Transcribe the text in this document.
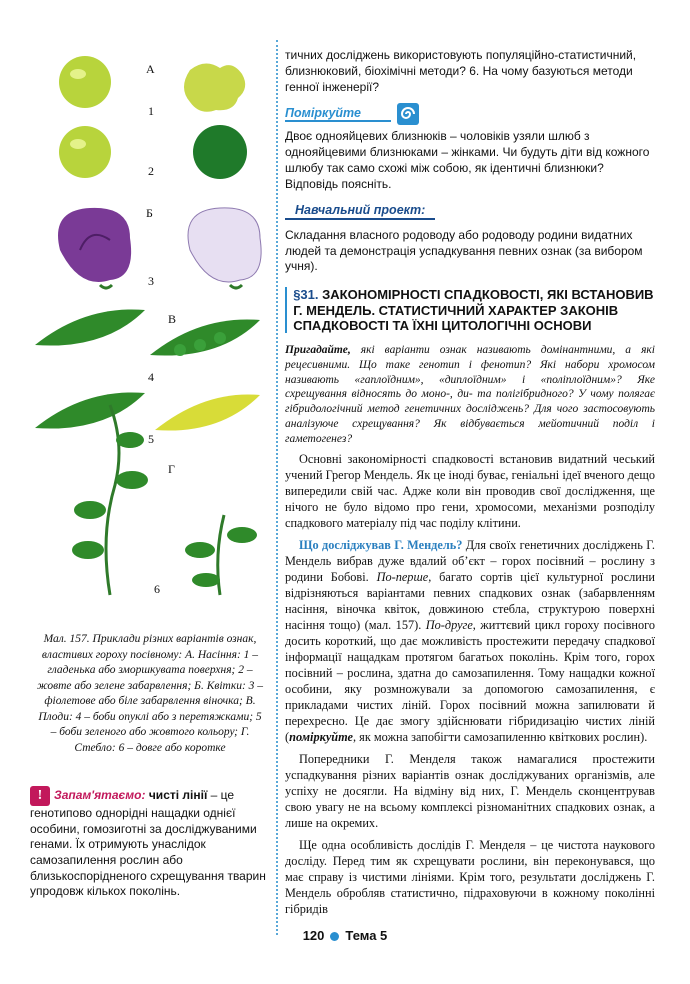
А
1
2
Б
3
В
4
5
Г
6
Мал. 157. Приклади різних варіантів ознак, властивих гороху посівному: А. Насіння: 1 – гладенька або зморшкувата поверхня; 2 – жовте або зелене забарвлення; Б. Квітки: 3 – фіолетове або біле забарвлення віночка; В. Плоди: 4 – боби опуклі або з перетяжками; 5 – боби зеленого або жовтого кольору; Г. Стебло: 6 – довге або коротке
! Запам'ятаємо: чисті лінії – це генотипово однорідні нащадки однієї особини, гомозиготні за досліджуваними генами. Їх отримують унаслідок самозапилення рослин або близькоспорідненого схрещування тварин упродовж кількох поколінь.
тичних досліджень використовують популяційно-статистичний, близнюковий, біохімічні методи? 6. На чому базуються методи генної інженерії?
Поміркуйте
Двоє однояйцевих близнюків – чоловіків узяли шлюб з однояйцевими близнюками – жінками. Чи будуть діти від кожного шлюбу так само схожі між собою, як ідентичні близнюки? Відповідь поясніть.
Навчальний проект:
Складання власного родоводу або родоводу родини видатних людей та демонстрація успадкування певних ознак (за вибором учня).
§31. ЗАКОНОМІРНОСТІ СПАДКОВОСТІ, ЯКІ ВСТАНОВИВ Г. МЕНДЕЛЬ. СТАТИСТИЧНИЙ ХАРАКТЕР ЗАКОНІВ СПАДКОВОСТІ ТА ЇХНІ ЦИТОЛОГІЧНІ ОСНОВИ
Пригадайте, які варіанти ознак називають домінантними, а які рецесивними. Що таке генотип і фенотип? Які набори хромосом називають «гаплоїдним», «диплоїдним» і «поліплоїдним»? Яке схрещування відносять до моно-, ди- та полігібридного? У чому полягає гібридологічний метод генетичних досліджень? Для чого застосовують аналізуюче схрещування? Як відбувається мейотичний поділ і гаметогенез?

Основні закономірності спадковості встановив видатний чеський учений Грегор Мендель. Як це іноді буває, геніальні ідеї вченого дещо випередили свій час. Адже коли він проводив свої дослідження, ще нічого не було відомо про гени, хромосоми, механізми розподілу спадкового матеріалу під час поділу клітини.

Що досліджував Г. Мендель? Для своїх генетичних досліджень Г. Мендель вибрав дуже вдалий об’єкт – горох посівний – рослину з родини Бобові. По-перше, багато сортів цієї культурної рослини відрізняються варіантами певних спадкових ознак (забарвленням насіння, віночка квіток, довжиною стебла, структурою поверхні насіння тощо) (мал. 157). По-друге, життєвий цикл гороху посівного досить короткий, що дає можливість простежити передачу спадкової інформації нащадкам протягом багатьох поколінь. Крім того, горох посівний – рослина, здатна до самозапилення. Тому нащадки кожної особини, яку розмножували за допомогою самозапилення, є прикладами чистих ліній. Горох посівний можна запилювати й перехресно. Це дає змогу здійснювати гібридизацію чистих ліній (поміркуйте, як можна запобігти самозапиленню квіткових рослин).

Попередники Г. Менделя також намагалися простежити успадкування різних варіантів ознак досліджуваних організмів, але успіху не досягли. На відміну від них, Г. Мендель сконцентрував свою увагу не на всьому комплексі різноманітних спадкових ознак, а лише на окремих.

Ще одна особливість дослідів Г. Менделя – це чистота наукового досліду. Перед тим як схрещувати рослини, він переконувався, що має справу із чистими лініями. Крім того, результати досліджень Г. Мендель обробляв статистично, підраховуючи в кожному поколінні гібридів

120 Тема 5
